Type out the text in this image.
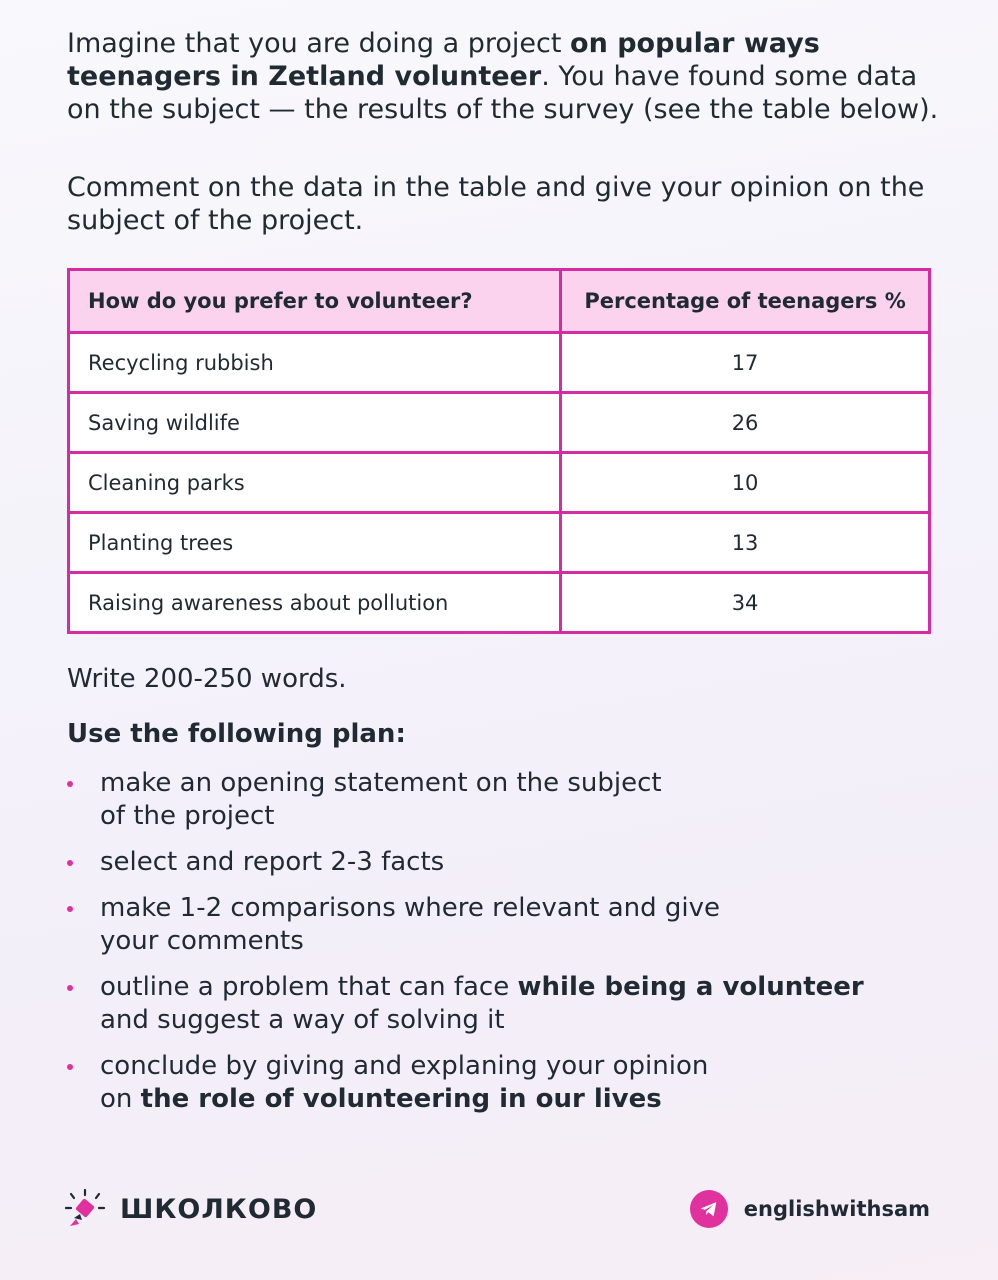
Imagine that you are doing a project on popular ways teenagers in Zetland volunteer. You have found some data on the subject — the results of the survey (see the table below).
Comment on the data in the table and give your opinion on the subject of the project.
How do you prefer to volunteer?	Percentage of teenagers %
Recycling rubbish	17
Saving wildlife	26
Cleaning parks	10
Planting trees	13
Raising awareness about pollution	34
Write 200-250 words.
Use the following plan:
make an opening statement on the subject
of the project
select and report 2-3 facts
make 1-2 comparisons where relevant and give
your comments
outline a problem that can face while being a volunteer
and suggest a way of solving it
conclude by giving and explaning your opinion
on the role of volunteering in our lives
ШКОЛКОВО	englishwithsam
